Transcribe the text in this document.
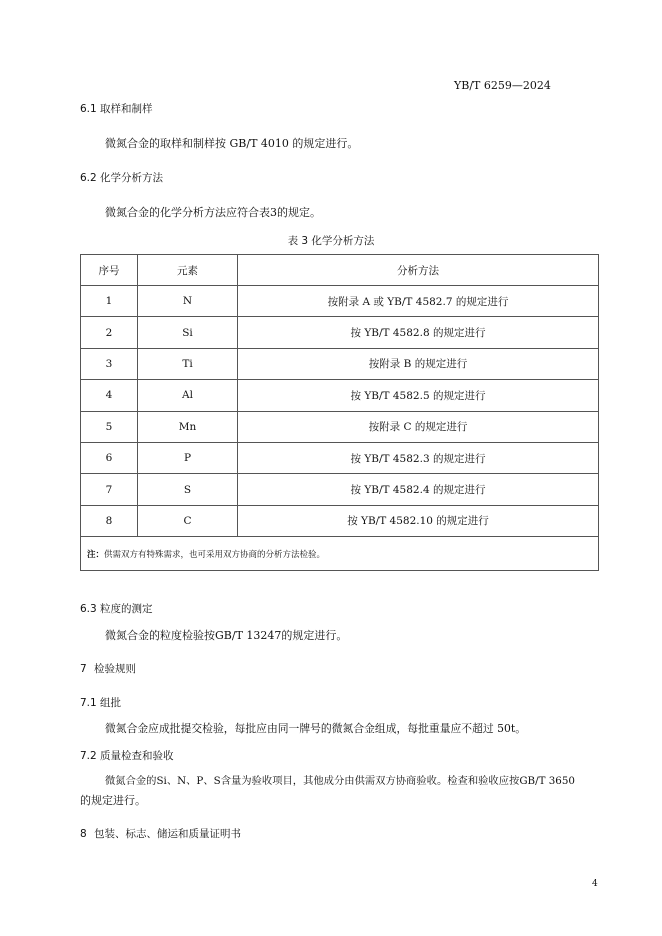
YB/T 6259—2024
6.1 取样和制样
微氮合金的取样和制样按 GB/T 4010 的规定进行。
6.2 化学分析方法
微氮合金的化学分析方法应符合表3的规定。
表 3 化学分析方法
序号	元素	分析方法
1	N	按附录 A 或 YB/T 4582.7 的规定进行
2	Si	按 YB/T 4582.8 的规定进行
3	Ti	按附录 B 的规定进行
4	Al	按 YB/T 4582.5 的规定进行
5	Mn	按附录 C 的规定进行
6	P	按 YB/T 4582.3 的规定进行
7	S	按 YB/T 4582.4 的规定进行
8	C	按 YB/T 4582.10 的规定进行
注：供需双方有特殊需求，也可采用双方协商的分析方法检验。		
6.3 粒度的测定
微氮合金的粒度检验按GB/T 13247的规定进行。
7 检验规则
7.1 组批
微氮合金应成批提交检验，每批应由同一牌号的微氮合金组成，每批重量应不超过 50t。
7.2 质量检查和验收
微氮合金的Si、N、P、S含量为验收项目，其他成分由供需双方协商验收。检查和验收应按GB/T 3650
的规定进行。
8 包装、标志、储运和质量证明书
4
